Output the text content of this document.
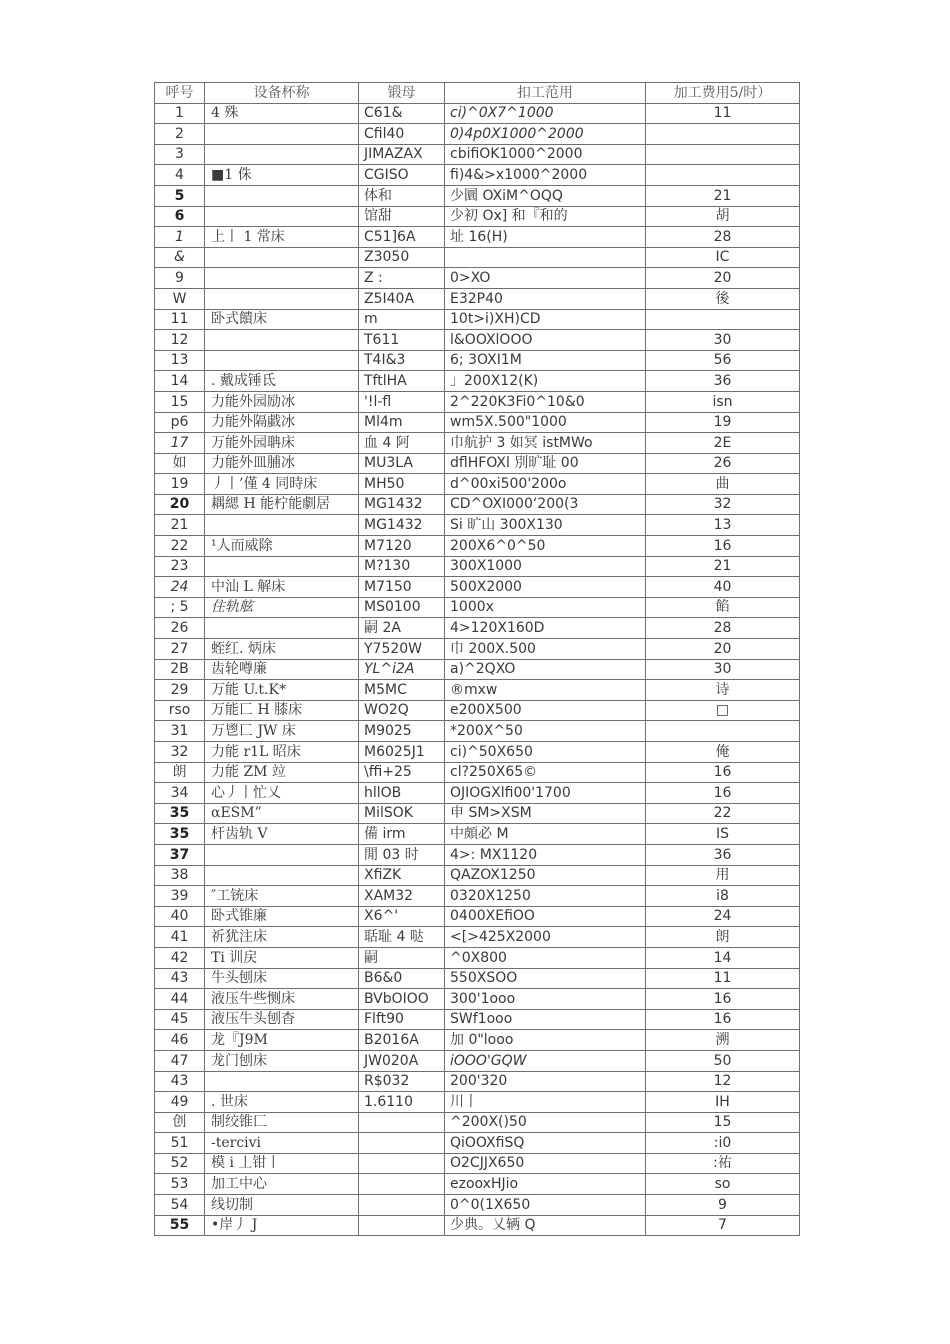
呼号	设备杯称	锻母	扣工范用	加工费用5/时）
1	4 殊	C61&	ci)^0X7^1000	11
2		Cfil40	0)4p0X1000^2000	
3		JIMAZAX	cbifiOK1000^2000	
4	■1 侏	CGISO	fi)4&>x1000^2000	
5		体和	少圜 OXiM^OQQ	21
6		馆甜	少初 Ox] 和『和的	胡
1	上丨 1 常床	C51]6A	址 16(H)	28
&		Z3050		IC
9		Z :	0>XO	20
W		Z5I40A	E32P40	後
11	卧式饋床	m	10t>i)XH)CD	
12		T611	l&OOXlOOO	30
13		T4I&3	6; 3OXI1M	56
14	. 戴成锤氐	TftlHA	」200X12(K)	36
15	力能外园励冰	'!l-fl	2^220K3Fi0^10&0	isn
p6	力能外隔戱冰	Ml4m	wm5X.500"1000	19
17	万能外园聃床	血 4 阿	巾航护 3 如冥 istMWo	2E
如	力能外皿脯冰	MU3LA	dflHFOXl 別旷耻 00	26
19	丿丨’僅 4 同時床	MH50	d^00xi500'200o	曲
20	耦緦 H 能柠能劇居	MG1432	CD^OXI000‘200(3	32
21		MG1432	Si 旷山 300X130	13
22	¹人而威除	M7120	200X6^0^50	16
23		M?130	300X1000	21
24	中汕 L 解床	M7150	500X2000	40
; 5	住轨舷	MS0100	1000x	餡
26		嗣 2A	4>120X160D	28
27	蛭红. 炳床	Y7520W	巾 200X.500	20
2B	齿轮噂廉	YL^i2A	a)^2QXO	30
29	万能 U.t.K*	M5MC	®mxw	诗
rso	万能匸 H 膝床	WO2Q	e200X500	□
31	万鬯匸 JW 床	M9025	*200X^50	
32	力能 r1L 昭床	M6025J1	ci)^50X650	俺
朗	力能 ZM 竝	\ffi+25	cl?250X65©	16
34	心丿丨忙乂	hllOB	OJIOGXlfi00'1700	16
35	αESM”	MilSOK	申 SM>XSM	22
35	杆齿轨 V	備 irm	中頗必 M	IS
37		閒 03 时	4>: MX1120	36
38		XfiZK	QAZOX1250	用
39	″工铳床	XAM32	0320X1250	i8
40	卧式锥廉	X6^'	0400XEfiOO	24
41	祈犹注床	聒耻 4 哒	<[>425X2000	朗
42	Ti 训戻	嗣	^0X800	14
43	牛头刨床	B6&0	550XSOO	11
44	液压牛些恻床	BVbOIOO	300'1ooo	16
45	液压牛头刨杳	Flft90	SWf1ooo	16
46	龙『J9M	B2016A	加 0"looo	溯
47	龙门刨床	JW020A	iOOO'GQW	50
43		R$032	200'320	12
49	. 世床	1.6110	川丨	IH
创	制绞锥匚		^200X()50	15
51	-tercivi		QiOOXfiSQ	:i0
52	模 i 丄钳丨		O2CJJX650	:祐
53	加工中心		ezooxHJio	so
54	线切制		0^0(1X650	9
55	•岸丿 J		少典。乂辆 Q	7
